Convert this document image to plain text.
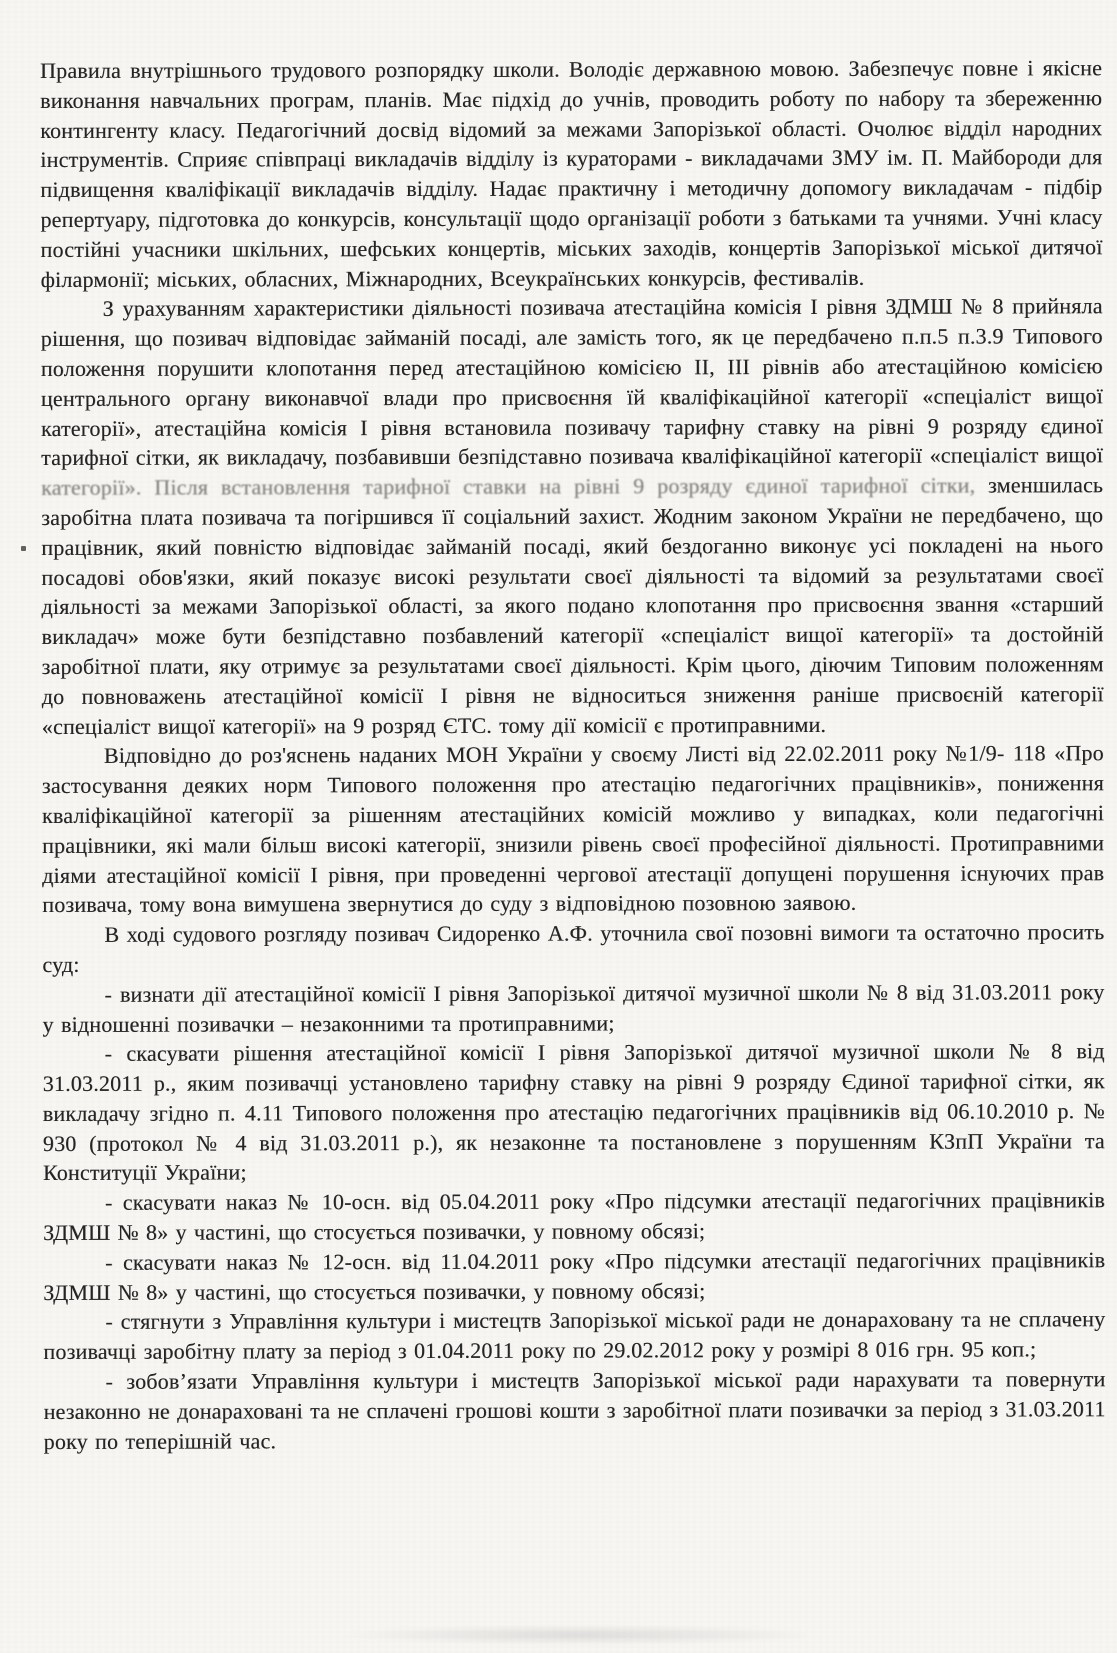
Правила внутрішнього трудового розпорядку школи. Володіє державною мовою. Забезпечує повне і якісне виконання навчальних програм, планів. Має підхід до учнів, проводить роботу по набору та збереженню контингенту класу. Педагогічний досвід відомий за межами Запорізької області. Очолює відділ народних інструментів. Сприяє співпраці викладачів відділу із кураторами - викладачами ЗМУ ім. П. Майбороди для підвищення кваліфікації викладачів відділу. Надає практичну і методичну допомогу викладачам - підбір репертуару, підготовка до конкурсів, консультації щодо організації роботи з батьками та учнями. Учні класу постійні учасники шкільних, шефських концертів, міських заходів, концертів Запорізької міської дитячої філармонії; міських, обласних, Міжнародних, Всеукраїнських конкурсів, фестивалів.

З урахуванням характеристики діяльності позивача атестаційна комісія I рівня ЗДМШ № 8 прийняла рішення, що позивач відповідає займаній посаді, але замість того, як це передбачено п.п.5 п.3.9 Типового положення порушити клопотання перед атестаційною комісією II, III рівнів або атестаційною комісією центрального органу виконавчої влади про присвоєння їй кваліфікаційної категорії «спеціаліст вищої категорії», атестаційна комісія I рівня встановила позивачу тарифну ставку на рівні 9 розряду єдиної тарифної сітки, як викладачу, позбавивши безпідставно позивача кваліфікаційної категорії «спеціаліст вищої категорії». Після встановлення тарифної ставки на рівні 9 розряду єдиної тарифної сітки, зменшилась заробітна плата позивача та погіршився її соціальний захист. Жодним законом України не передбачено, що працівник, який повністю відповідає займаній посаді, який бездоганно виконує усі покладені на нього посадові обов'язки, який показує високі результати своєї діяльності та відомий за результатами своєї діяльності за межами Запорізької області, за якого подано клопотання про присвоєння звання «старший викладач» може бути безпідставно позбавлений категорії «спеціаліст вищої категорії» та достойній заробітної плати, яку отримує за результатами своєї діяльності. Крім цього, діючим Типовим положенням до повноважень атестаційної комісії I рівня не відноситься зниження раніше присвоєній категорії «спеціаліст вищої категорії» на 9 розряд ЄТС. тому дії комісії є протиправними.

Відповідно до роз'яснень наданих МОН України у своєму Листі від 22.02.2011 року №1/9- 118 «Про застосування деяких норм Типового положення про атестацію педагогічних працівників», пониження кваліфікаційної категорії за рішенням атестаційних комісій можливо у випадках, коли педагогічні працівники, які мали більш високі категорії, знизили рівень своєї професійної діяльності. Протиправними діями атестаційної комісії I рівня, при проведенні чергової атестації допущені порушення існуючих прав позивача, тому вона вимушена звернутися до суду з відповідною позовною заявою.

В ході судового розгляду позивач Сидоренко А.Ф. уточнила свої позовні вимоги та остаточно просить суд:

- визнати дії атестаційної комісії I рівня Запорізької дитячої музичної школи № 8 від 31.03.2011 року у відношенні позивачки – незаконними та протиправними;

- скасувати рішення атестаційної комісії I рівня Запорізької дитячої музичної школи № 8 від 31.03.2011 р., яким позивачці установлено тарифну ставку на рівні 9 розряду Єдиної тарифної сітки, як викладачу згідно п. 4.11 Типового положення про атестацію педагогічних працівників від 06.10.2010 р. № 930 (протокол № 4 від 31.03.2011 р.), як незаконне та постановлене з порушенням КЗпП України та Конституції України;

- скасувати наказ № 10-осн. від 05.04.2011 року «Про підсумки атестації педагогічних працівників ЗДМШ № 8» у частині, що стосується позивачки, у повному обсязі;

- скасувати наказ № 12-осн. від 11.04.2011 року «Про підсумки атестації педагогічних працівників ЗДМШ № 8» у частині, що стосується позивачки, у повному обсязі;

- стягнути з Управління культури і мистецтв Запорізької міської ради не донараховану та не сплачену позивачці заробітну плату за період з 01.04.2011 року по 29.02.2012 року у розмірі 8 016 грн. 95 коп.;

- зобов’язати Управління культури і мистецтв Запорізької міської ради нарахувати та повернути незаконно не донараховані та не сплачені грошові кошти з заробітної плати позивачки за період з 31.03.2011 року по теперішній час.
